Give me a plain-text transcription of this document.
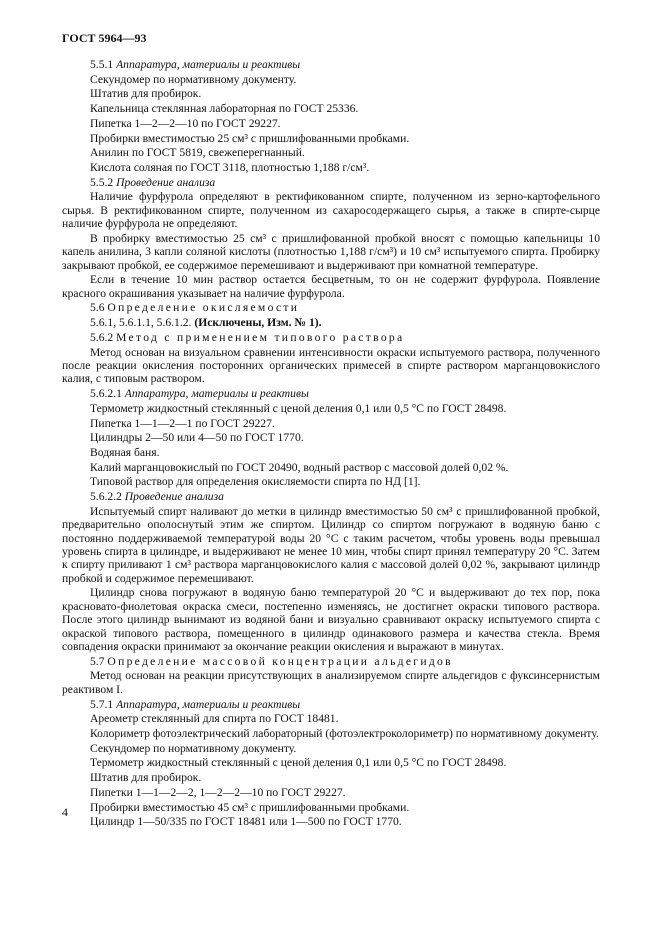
ГОСТ 5964—93

5.5.1 Аппаратура, материалы и реактивы

Секундомер по нормативному документу.

Штатив для пробирок.

Капельница стеклянная лабораторная по ГОСТ 25336.

Пипетка 1—2—2—10 по ГОСТ 29227.

Пробирки вместимостью 25 см³ с пришлифованными пробками.

Анилин по ГОСТ 5819, свежеперегнанный.

Кислота соляная по ГОСТ 3118, плотностью 1,188 г/см³.

5.5.2 Проведение анализа

Наличие фурфурола определяют в ректификованном спирте, полученном из зерно-картофельного сырья. В ректификованном спирте, полученном из сахаросодержащего сырья, а также в спирте-сырце наличие фурфурола не определяют.

В пробирку вместимостью 25 см³ с пришлифованной пробкой вносят с помощью капельницы 10 капель анилина, 3 капли соляной кислоты (плотностью 1,188 г/см³) и 10 см³ испытуемого спирта. Пробирку закрывают пробкой, ее содержимое перемешивают и выдерживают при комнатной температуре.

Если в течение 10 мин раствор остается бесцветным, то он не содержит фурфурола. Появление красного окрашивания указывает на наличие фурфурола.

5.6 Определение окисляемости

5.6.1, 5.6.1.1, 5.6.1.2. (Исключены, Изм. № 1).

5.6.2 Метод с применением типового раствора

Метод основан на визуальном сравнении интенсивности окраски испытуемого раствора, полученного после реакции окисления посторонних органических примесей в спирте раствором марганцовокислого калия, с типовым раствором.

5.6.2.1 Аппаратура, материалы и реактивы

Термометр жидкостный стеклянный с ценой деления 0,1 или 0,5 °С по ГОСТ 28498.

Пипетка 1—1—2—1 по ГОСТ 29227.

Цилиндры 2—50 или 4—50 по ГОСТ 1770.

Водяная баня.

Калий марганцовокислый по ГОСТ 20490, водный раствор с массовой долей 0,02 %.

Типовой раствор для определения окисляемости спирта по НД [1].

5.6.2.2 Проведение анализа

Испытуемый спирт наливают до метки в цилиндр вместимостью 50 см³ с пришлифованной пробкой, предварительно ополоснутый этим же спиртом. Цилиндр со спиртом погружают в водяную баню с постоянно поддерживаемой температурой воды 20 °С с таким расчетом, чтобы уровень воды превышал уровень спирта в цилиндре, и выдерживают не менее 10 мин, чтобы спирт принял температуру 20 °С. Затем к спирту приливают 1 см³ раствора марганцовокислого калия с массовой долей 0,02 %, закрывают цилиндр пробкой и содержимое перемешивают.

Цилиндр снова погружают в водяную баню температурой 20 °С и выдерживают до тех пор, пока красновато-фиолетовая окраска смеси, постепенно изменяясь, не достигнет окраски типового раствора. После этого цилиндр вынимают из водяной бани и визуально сравнивают окраску испытуемого спирта с окраской типового раствора, помещенного в цилиндр одинакового размера и качества стекла. Время совпадения окраски принимают за окончание реакции окисления и выражают в минутах.

5.7 Определение массовой концентрации альдегидов

Метод основан на реакции присутствующих в анализируемом спирте альдегидов с фуксинсернистым реактивом I.

5.7.1 Аппаратура, материалы и реактивы

Ареометр стеклянный для спирта по ГОСТ 18481.

Колориметр фотоэлектрический лабораторный (фотоэлектроколориметр) по нормативному документу.

Секундомер по нормативному документу.

Термометр жидкостный стеклянный с ценой деления 0,1 или 0,5 °С по ГОСТ 28498.

Штатив для пробирок.

Пипетки 1—1—2—2, 1—2—2—10 по ГОСТ 29227.

Пробирки вместимостью 45 см³ с пришлифованными пробками.

Цилиндр 1—50/335 по ГОСТ 18481 или 1—500 по ГОСТ 1770.

4
